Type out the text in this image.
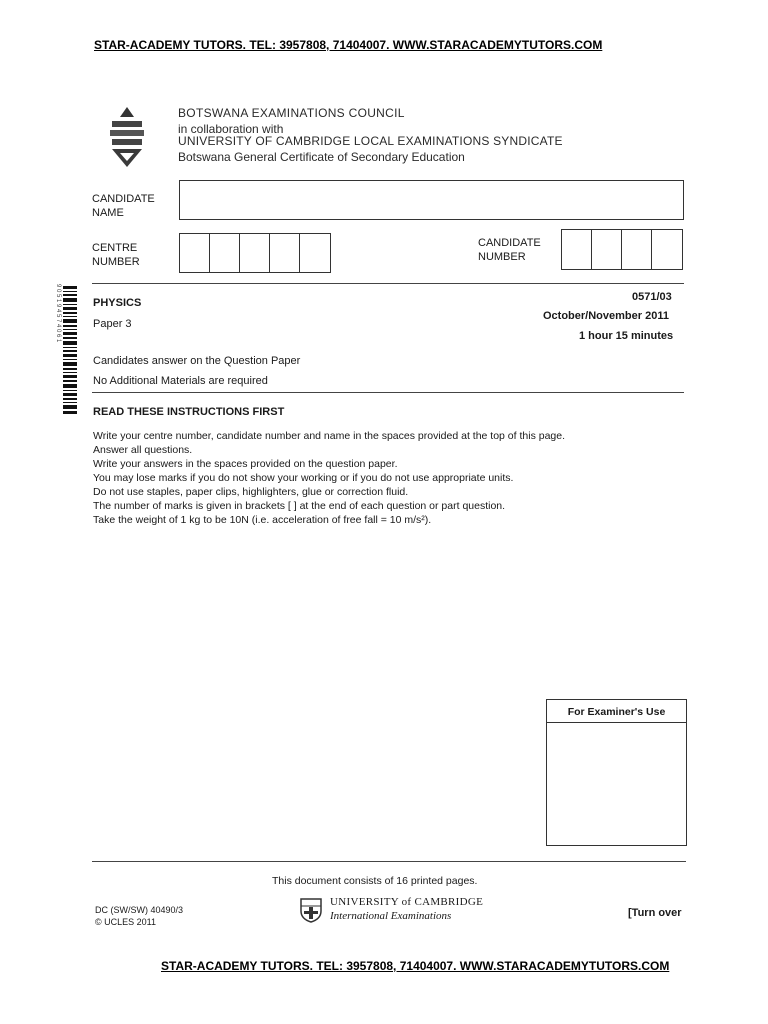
STAR-ACADEMY TUTORS. TEL: 3957808, 71404007. WWW.STARACADEMYTUTORS.COM
BOTSWANA EXAMINATIONS COUNCIL
in collaboration with
UNIVERSITY OF CAMBRIDGE LOCAL EXAMINATIONS SYNDICATE
Botswana General Certificate of Secondary Education
CANDIDATE
NAME
CENTRE
NUMBER
CANDIDATE
NUMBER
9 0 5 1 9 4 5 7 4 0 6 1	PHYSICS
Paper 3
0571/03
October/November 2011
1 hour 15 minutes
Candidates answer on the Question Paper
No Additional Materials are required
READ THESE INSTRUCTIONS FIRST
Write your centre number, candidate number and name in the spaces provided at the top of this page.
Answer all questions.
Write your answers in the spaces provided on the question paper.
You may lose marks if you do not show your working or if you do not use appropriate units.
Do not use staples, paper clips, highlighters, glue or correction fluid.
The number of marks is given in brackets [ ] at the end of each question or part question.
Take the weight of 1 kg to be 10N (i.e. acceleration of free fall = 10 m/s²).
For Examiner's Use
This document consists of 16 printed pages.
DC (SW/SW) 40490/3
© UCLES 2011
UNIVERSITY of CAMBRIDGE
International Examinations	[Turn over
STAR-ACADEMY TUTORS. TEL: 3957808, 71404007. WWW.STARACADEMYTUTORS.COM
